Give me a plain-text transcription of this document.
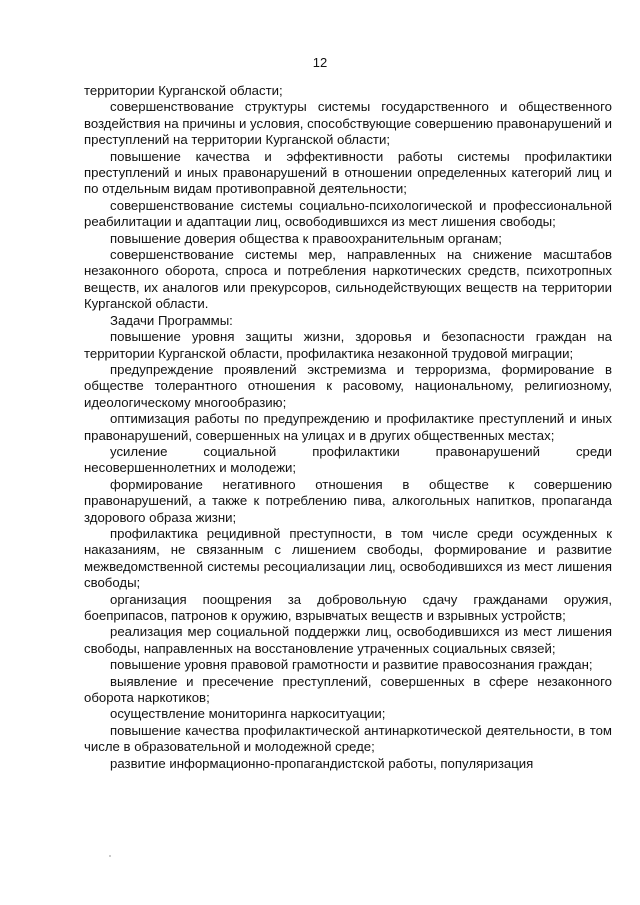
12

территории Курганской области;

совершенствование структуры системы государственного и общественного воздействия на причины и условия, способствующие совершению правонарушений и преступлений на территории Курганской области;

повышение качества и эффективности работы системы профилактики преступлений и иных правонарушений в отношении определенных категорий лиц и по отдельным видам противоправной деятельности;

совершенствование системы социально-психологической и профессиональной реабилитации и адаптации лиц, освободившихся из мест лишения свободы;

повышение доверия общества к правоохранительным органам;

совершенствование системы мер, направленных на снижение масштабов незаконного оборота, спроса и потребления наркотических средств, психотропных веществ, их аналогов или прекурсоров, сильнодействующих веществ на территории Курганской области.

Задачи Программы:

повышение уровня защиты жизни, здоровья и безопасности граждан на территории Курганской области, профилактика незаконной трудовой миграции;

предупреждение проявлений экстремизма и терроризма, формирование в обществе толерантного отношения к расовому, национальному, религиозному, идеологическому многообразию;

оптимизация работы по предупреждению и профилактике преступлений и иных правонарушений, совершенных на улицах и в других общественных местах;

усиление социальной профилактики правонарушений среди несовершеннолетних и молодежи;

формирование негативного отношения в обществе к совершению правонарушений, а также к потреблению пива, алкогольных напитков, пропаганда здорового образа жизни;

профилактика рецидивной преступности, в том числе среди осужденных к наказаниям, не связанным с лишением свободы, формирование и развитие межведомственной системы ресоциализации лиц, освободившихся из мест лишения свободы;

организация поощрения за добровольную сдачу гражданами оружия, боеприпасов, патронов к оружию, взрывчатых веществ и взрывных устройств;

реализация мер социальной поддержки лиц, освободившихся из мест лишения свободы, направленных на восстановление утраченных социальных связей;

повышение уровня правовой грамотности и развитие правосознания граждан;

выявление и пресечение преступлений, совершенных в сфере незаконного оборота наркотиков;

осуществление мониторинга наркоситуации;

повышение качества профилактической антинаркотической деятельности, в том числе в образовательной и молодежной среде;

развитие информационно-пропагандистской работы, популяризация
